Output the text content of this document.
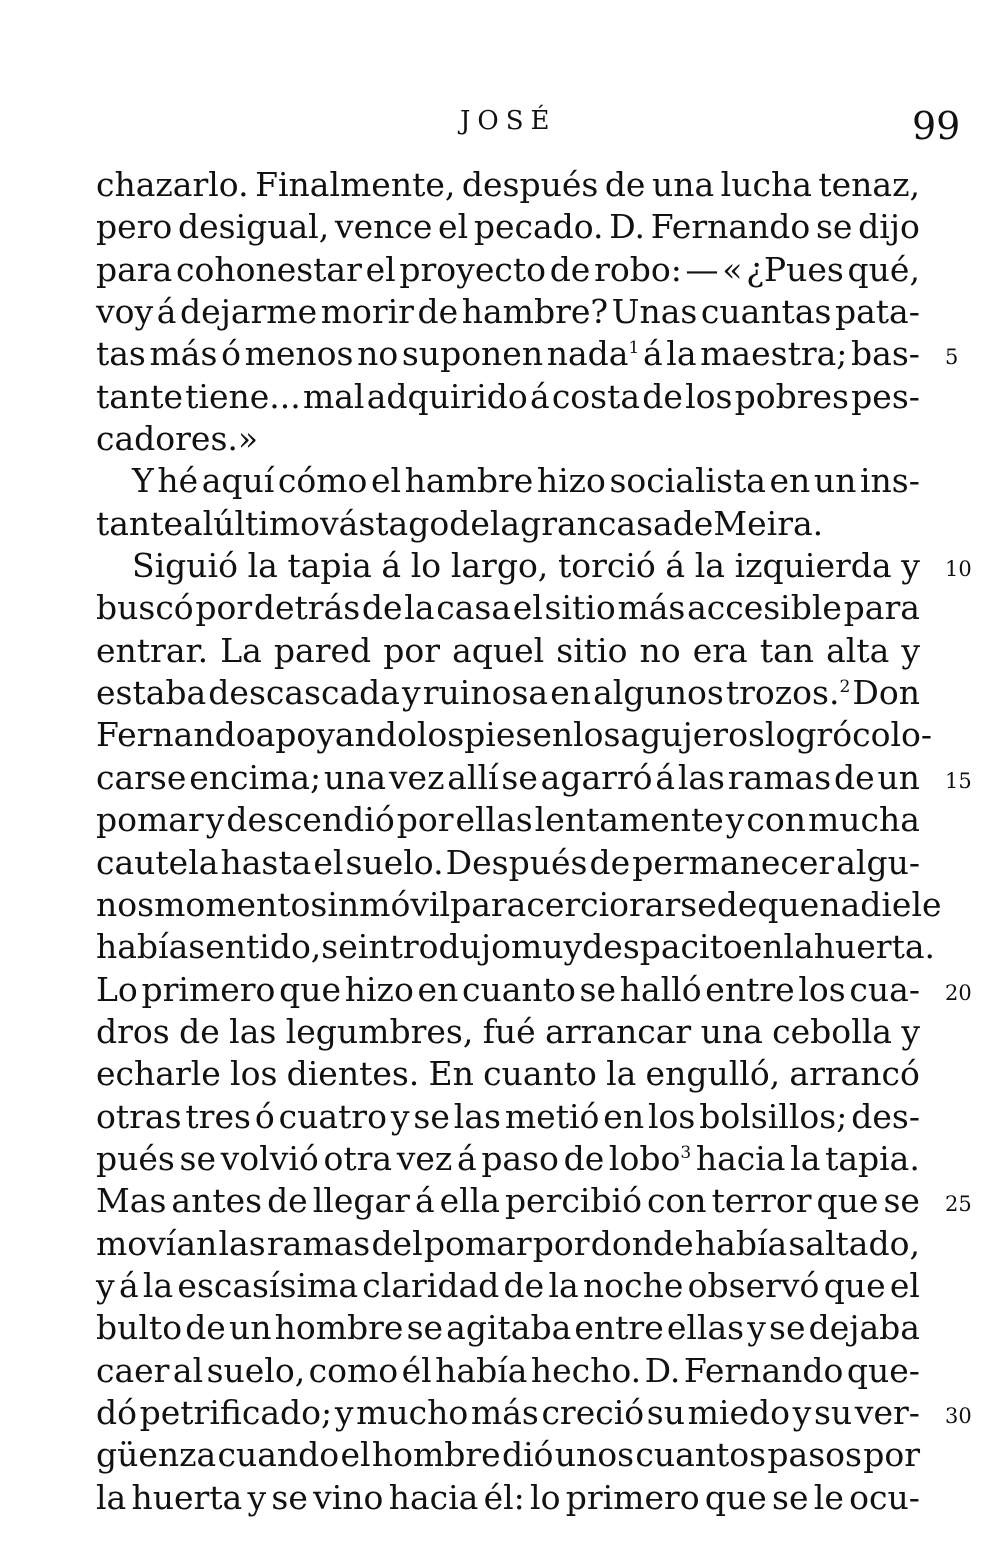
JOSÉ	99
chazarlo. Finalmente, después de una lucha tenaz,
pero desigual, vence el pecado. D. Fernando se dijo
para cohonestar el proyecto de robo: — « ¿Pues qué,
voy á dejarme morir de hambre? Unas cuantas pata-
tas más ó menos no suponen nada$^1$ á la maestra; bas-
tante tiene... mal adquirido á costa de los pobres pes-
cadores.»
Y hé aquí cómo el hambre hizo socialista en un ins-
tante al último vástago de la gran casa de Meira.
Siguió la tapia á lo largo, torció á la izquierda y
buscó por detrás de la casa el sitio más accesible para
entrar. La pared por aquel sitio no era tan alta y
estaba descascada y ruinosa en algunos trozos.$^2$ Don
Fernando apoyando los pies en los agujeros logró colo-
carse encima; una vez allí se agarró á las ramas de un
pomar y descendió por ellas lentamente y con mucha
cautela hasta el suelo. Después de permanecer algu-
nos momentos inmóvil para cerciorarse de que nadie le
había sentido, se introdujo muy despacito en la huerta.
Lo primero que hizo en cuanto se halló entre los cua-
dros de las legumbres, fué arrancar una cebolla y
echarle los dientes. En cuanto la engulló, arrancó
otras tres ó cuatro y se las metió en los bolsillos; des-
pués se volvió otra vez á paso de lobo$^3$ hacia la tapia.
Mas antes de llegar á ella percibió con terror que se
movían las ramas del pomar por donde había saltado,
y á la escasísima claridad de la noche observó que el
bulto de un hombre se agitaba entre ellas y se dejaba
caer al suelo, como él había hecho. D. Fernando que-
dó petrificado; y mucho más creció su miedo y su ver-
güenza cuando el hombre dió unos cuantos pasos por
la huerta y se vino hacia él: lo primero que se le ocu-
5
10
15
20
25
30
